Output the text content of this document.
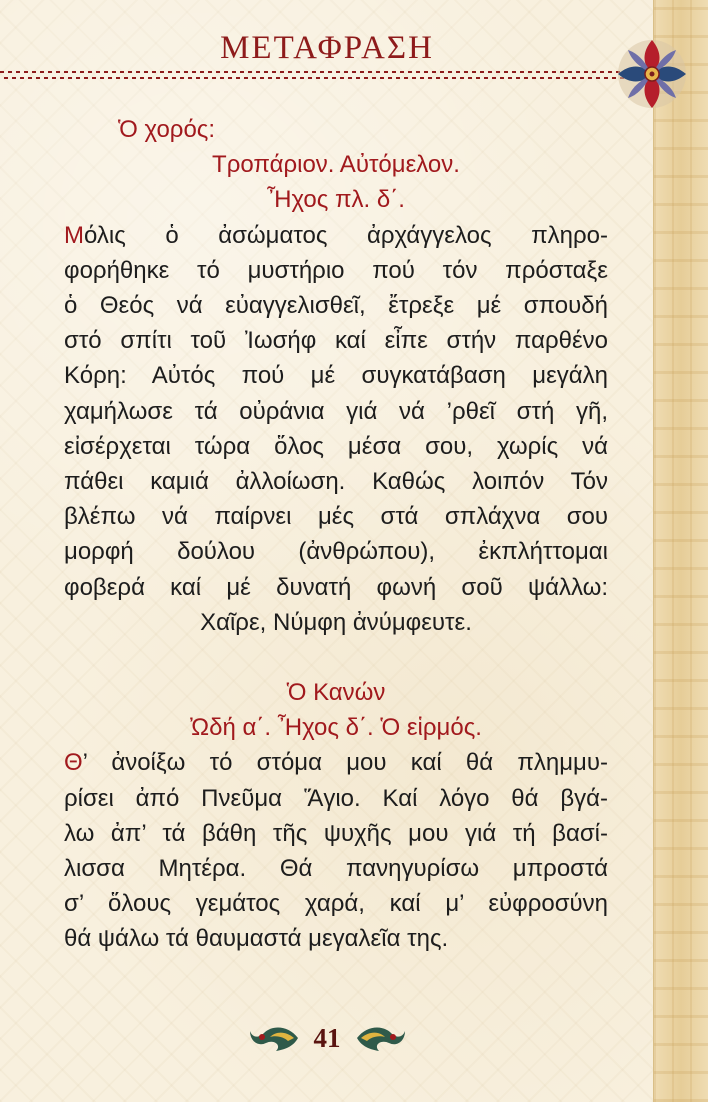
ΜΕΤΑΦΡΑΣΗ
Ὁ χορός:
Τροπάριον. Αὐτόμελον.
Ἦχος πλ. δ΄.
Μόλις ὁ ἀσώματος ἀρχάγγελος πληρο-
φορήθηκε τό μυστήριο πού τόν πρόσταξε
ὁ Θεός νά εὐαγγελισθεῖ, ἔτρεξε μέ σπουδή
στό σπίτι τοῦ Ἰωσήφ καί εἶπε στήν παρθένο
Κόρη: Αὐτός πού μέ συγκατάβαση μεγάλη
χαμήλωσε τά οὐράνια γιά νά ’ρθεῖ στή γῆ,
εἰσέρχεται τώρα ὅλος μέσα σου, χωρίς νά
πάθει καμιά ἀλλοίωση. Καθώς λοιπόν Τόν
βλέπω νά παίρνει μές στά σπλάχνα σου
μορφή δούλου (ἀνθρώπου), ἐκπλήττομαι
φοβερά καί μέ δυνατή φωνή σοῦ ψάλλω:
Χαῖρε, Νύμφη ἀνύμφευτε.
Ὁ Κανών
Ὠδή α΄. Ἦχος δ΄. Ὁ εἱρμός.
Θ’ ἀνοίξω τό στόμα μου καί θά πλημμυ-
ρίσει ἀπό Πνεῦμα Ἅγιο. Καί λόγο θά βγά-
λω ἀπ’ τά βάθη τῆς ψυχῆς μου γιά τή βασί-
λισσα Μητέρα. Θά πανηγυρίσω μπροστά
σ’ ὅλους γεμάτος χαρά, καί μ’ εὐφροσύνη
θά ψάλω τά θαυμαστά μεγαλεῖα της.
41
